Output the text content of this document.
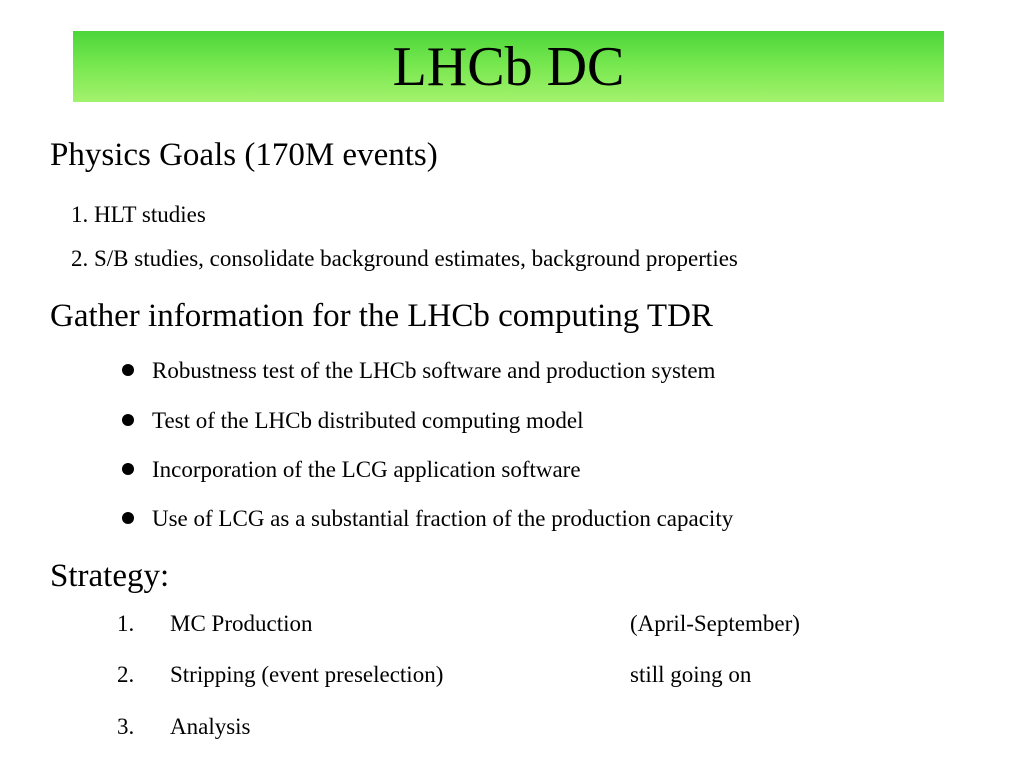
LHCb DC
Physics Goals (170M events)
1. HLT studies
2. S/B studies, consolidate background estimates, background properties
Gather information for the LHCb computing TDR
Robustness test of the LHCb software and production system
Test of the LHCb distributed computing model
Incorporation of the LCG application software
Use of LCG as a substantial fraction of the production capacity
Strategy:
1. MC Production	(April-September)
2. Stripping (event preselection)	still going on
3. Analysis
